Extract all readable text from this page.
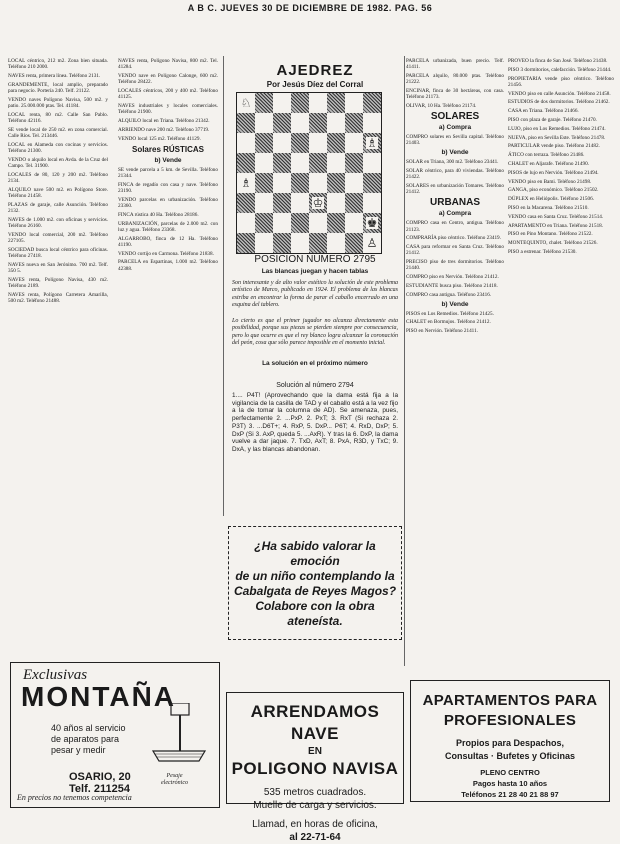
A B C. JUEVES 30 DE DICIEMBRE DE 1982. PAG. 56

LOCAL céntrico, 212 m2. Zona bien situada. Teléfono 210 2000.

NAVES renta, primera línea. Teléfono 2131.

GRANDEMENTE, local amplio, preparado para negocio. Portería 240. Telf. 21122.

VENDO naves Polígono Navisa, 500 m2. y patio. 25.000.000 ptas. Tel. 41184.

LOCAL renta, 80 m2. Calle San Pablo. Teléfono 42116.

SE vende local de 250 m2. en zona comercial. Calle Ríos. Tel. 213446.

LOCAL en Alameda con cocinas y servicios. Teléfono 21300.

VENDO o alquilo local en Avda. de la Cruz del Campo. Tel. 31900.

LOCALES de 80, 120 y 200 m2. Teléfono 2134.

ALQUILO nave 500 m2. en Polígono Store. Teléfono 21458.

PLAZAS de garaje, calle Asunción. Teléfono 2132.

NAVES de 1.000 m2. con oficinas y servicios. Teléfono 26160.

VENDO local comercial, 200 m2. Teléfono 227105.

SOCIEDAD busca local céntrico para oficinas. Teléfono 27418.

NAVES nueva en San Jerónimo. 700 m2. Telf. 350 5.

NAVES renta, Polígono Navisa, 430 m2. Teléfono 2189.

NAVES renta, Polígono Carretera Amarilla, 500 m2. Teléfono 21488.

NAVES renta, Polígono Navisa, 800 m2. Tel. 41284.

VENDO nave en Polígono Calonge, 600 m2. Teléfono 28422.

LOCALES céntricos, 200 y 400 m2. Teléfono 41125.

NAVES industriales y locales comerciales. Teléfono 21900.

ALQUILO local en Triana. Teléfono 21342.

ARRIENDO nave 200 m2. Teléfono 37719.

VENDO local 125 m2. Teléfono 41129.

Solares RÚSTICAS
b) Vende

SE vende parcela a 5 km. de Sevilla. Teléfono 21344.

FINCA de regadío con casa y nave. Teléfono 23190.

VENDO parcelas en urbanización. Teléfono 23360.

FINCA rústica 40 Ha. Teléfono 28186.

URBANIZACIÓN, parcelas de 2.000 m2. con luz y agua. Teléfono 23368.

ALGARROBO, finca de 12 Ha. Teléfono 41190.

VENDO cortijo en Carmona. Teléfono 21838.

PARCELA en Espartinas, 1.000 m2. Teléfono 42388.

AJEDREZ
Por Jesús Díez del Corral
♘
♗
♗
♔
♚
♙
POSICION NUMERO 2795
Las blancas juegan y hacen tablas

Son interesante y de alto valor estético la solución de este problema artístico de Marco, publicado en 1924. El problema de las blancas estriba en encontrar la forma de parar el caballo encerrado en una esquina del tablero.

Lo cierto es que el primer jugador no alcanza directamente esta posibilidad, porque sus piezas se pierden siempre por consecuencia, pero lo que ocurre es que el rey blanco logra alcanzar la coronación del peón, cosa que sólo parece imposible en el momento inicial.

La solución en el próximo número
Solución al número 2794

1.... P4T! (Aprovechando que la dama está fija a la vigilancia de la casilla de TAD y el caballo está a la vez fijo a la de tomar la columna de AD). Se amenaza, pues, perfectamente 2. ...PxP. 2. PxT; 3. RxT (Si rechaza 2. P3T) 3. ...D6T+; 4. RxP, 5. DxP... P6T; 4. RxD, DxP; 5. DxP (Si 3. AxP, queda 5. ...AxR). Y tras la 6. DxP, la dama vuelve a dar jaque. 7. TxD, AxT; 8. PxA, R3D, y TxC; 9. DxA, y las blancas abandonan.

¿Ha sabido valorar la emoción
de un niño contemplando la
Cabalgata de Reyes Magos?
Colabore con la obra
ateneísta.

PARCELA urbanizada, buen precio. Telf. 41411.

PARCELA alquilo, 80.000 ptas. Teléfono 21222.

ENCINAR, finca de 30 hectáreas, con casa. Teléfono 21173.

OLIVAR, 10 Ha. Teléfono 21174.

SOLARES
a) Compra

COMPRO solares en Sevilla capital. Teléfono 21403.

b) Vende

SOLAR en Triana, 300 m2. Teléfono 23441.

SOLAR céntrico, para 40 viviendas. Teléfono 21422.

SOLARES en urbanización Tomares. Teléfono 21412.

URBANAS
a) Compra

COMPRO casa en Centro, antigua. Teléfono 21123.

COMPRARÍA piso céntrico. Teléfono 23419.

CASA para reformar en Santa Cruz. Teléfono 21412.

PRECISO piso de tres dormitorios. Teléfono 21440.

COMPRO piso en Nervión. Teléfono 21412.

ESTUDIANTE busca piso. Teléfono 21418.

COMPRO casa antigua. Teléfono 23416.

b) Vende

PISOS en Los Remedios. Teléfono 21425.

CHALET en Bormujos. Teléfono 21412.

PISO en Nervión. Teléfono 21411.

PROVEO la finca de San José. Teléfono 21438.

PISO 3 dormitorios, calefacción. Teléfono 21444.

PROPIETARIA vende piso céntrico. Teléfono 21456.

VENDO piso en calle Asunción. Teléfono 21458.

ESTUDIOS de dos dormitorios. Teléfono 21462.

CASA en Triana. Teléfono 21466.

PISO con plaza de garaje. Teléfono 21470.

LUJO, piso en Los Remedios. Teléfono 21474.

NUEVA, piso en Sevilla Este. Teléfono 21478.

PARTICULAR vende piso. Teléfono 21482.

ÁTICO con terraza. Teléfono 21486.

CHALET en Aljarafe. Teléfono 21490.

PISOS de lujo en Nervión. Teléfono 21494.

VENDO piso en Bami. Teléfono 21498.

GANGA, piso económico. Teléfono 21502.

DÚPLEX en Heliópolis. Teléfono 21506.

PISO en la Macarena. Teléfono 21510.

VENDO casa en Santa Cruz. Teléfono 21514.

APARTAMENTO en Triana. Teléfono 21518.

PISO en Pino Montano. Teléfono 21522.

MONTEQUINTO, chalet. Teléfono 21526.

PISO a estrenar. Teléfono 21530.

Exclusivas
MONTAÑA
40 años al servicio
de aparatos para
pesar y medir
OSARIO, 20
Telf. 211254
Pesaje
electrónico
En precios no tenemos competencia
ARRENDAMOS NAVE
EN
POLIGONO NAVISA
535 metros cuadrados.
Muelle de carga y servicios.
Llamad, en horas de oficina,
al 22-71-64
APARTAMENTOS PARA
PROFESIONALES
Propios para Despachos,
Consultas · Bufetes y Oficinas
PLENO CENTRO
Pagos hasta 10 años
Teléfonos 21 28 40 21 88 97
